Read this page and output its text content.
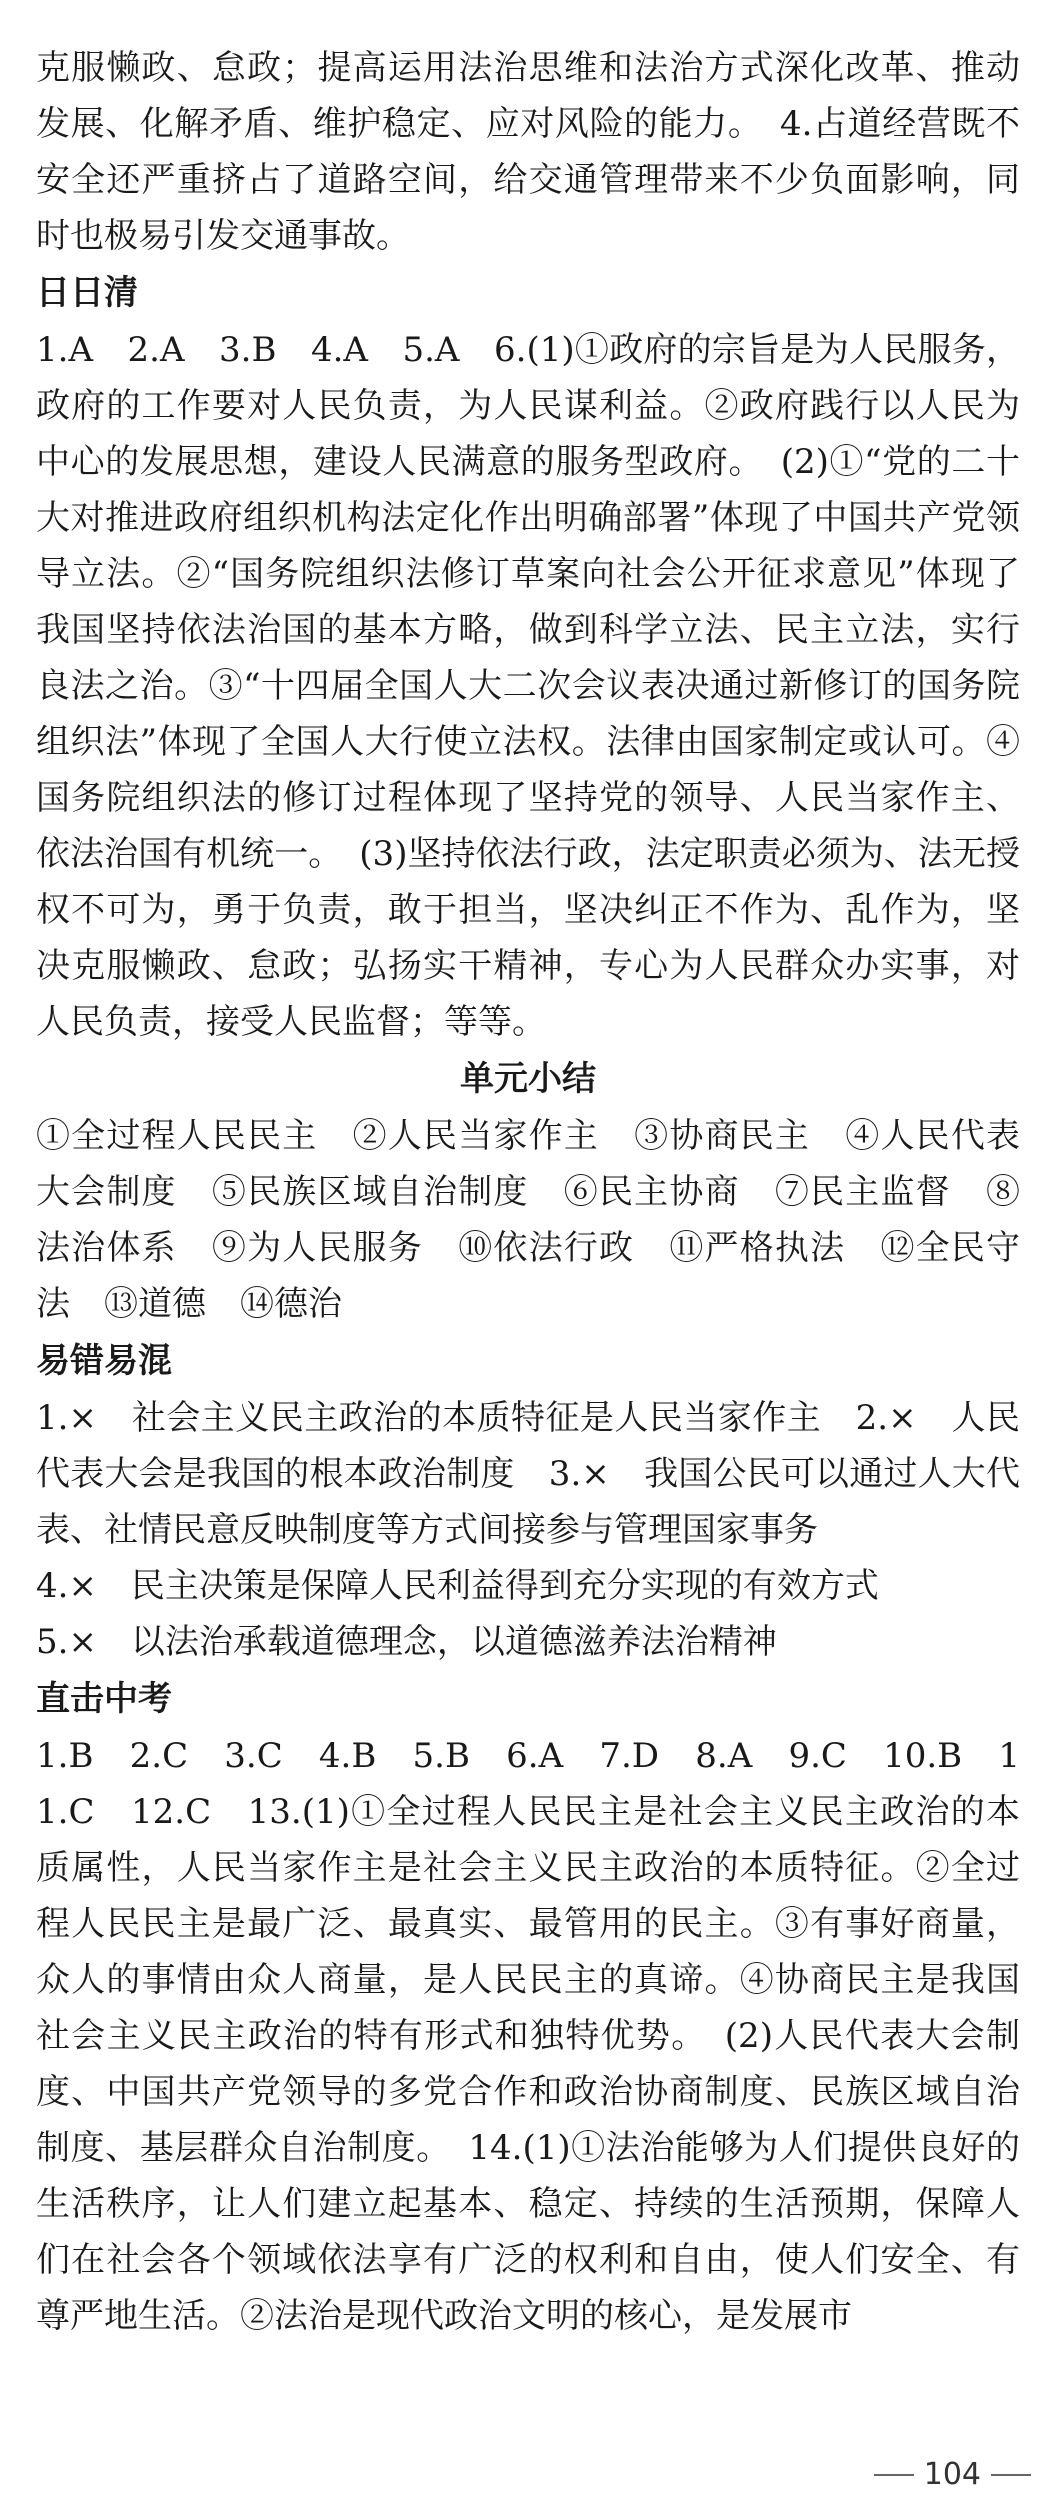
克服懒政、怠政；提高运用法治思维和法治方式深化改革、推动发展、化解矛盾、维护稳定、应对风险的能力。　4.占道经营既不安全还严重挤占了道路空间，给交通管理带来不少负面影响，同时也极易引发交通事故。

日日清

1.A　2.A　3.B　4.A　5.A　6.(1)①政府的宗旨是为人民服务，政府的工作要对人民负责，为人民谋利益。②政府践行以人民为中心的发展思想，建设人民满意的服务型政府。　(2)①“党的二十大对推进政府组织机构法定化作出明确部署”体现了中国共产党领导立法。②“国务院组织法修订草案向社会公开征求意见”体现了我国坚持依法治国的基本方略，做到科学立法、民主立法，实行良法之治。③“十四届全国人大二次会议表决通过新修订的国务院组织法”体现了全国人大行使立法权。法律由国家制定或认可。④国务院组织法的修订过程体现了坚持党的领导、人民当家作主、依法治国有机统一。　(3)坚持依法行政，法定职责必须为、法无授权不可为，勇于负责，敢于担当，坚决纠正不作为、乱作为，坚决克服懒政、怠政；弘扬实干精神，专心为人民群众办实事，对人民负责，接受人民监督；等等。

单元小结

①全过程人民民主　②人民当家作主　③协商民主　④人民代表大会制度　⑤民族区域自治制度　⑥民主协商　⑦民主监督　⑧法治体系　⑨为人民服务　⑩依法行政　⑪严格执法　⑫全民守法　⑬道德　⑭德治

易错易混

1.×　社会主义民主政治的本质特征是人民当家作主　2.×　人民代表大会是我国的根本政治制度　3.×　我国公民可以通过人大代表、社情民意反映制度等方式间接参与管理国家事务

4.×　民主决策是保障人民利益得到充分实现的有效方式

5.×　以法治承载道德理念，以道德滋养法治精神

直击中考

1.B　2.C　3.C　4.B　5.B　6.A　7.D　8.A　9.C　10.B　11.C　12.C　13.(1)①全过程人民民主是社会主义民主政治的本质属性，人民当家作主是社会主义民主政治的本质特征。②全过程人民民主是最广泛、最真实、最管用的民主。③有事好商量，众人的事情由众人商量，是人民民主的真谛。④协商民主是我国社会主义民主政治的特有形式和独特优势。　(2)人民代表大会制度、中国共产党领导的多党合作和政治协商制度、民族区域自治制度、基层群众自治制度。　14.(1)①法治能够为人们提供良好的生活秩序，让人们建立起基本、稳定、持续的生活预期，保障人们在社会各个领域依法享有广泛的权利和自由，使人们安全、有尊严地生活。②法治是现代政治文明的核心，是发展市

104
